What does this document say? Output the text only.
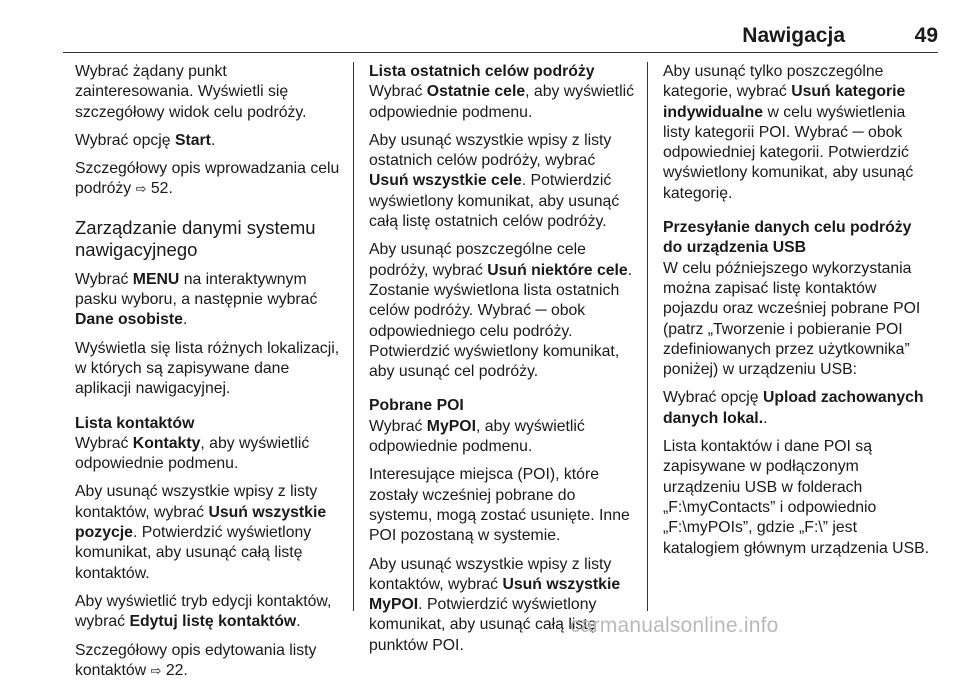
Nawigacja	49

Wybrać żądany punkt zainteresowania. Wyświetli się szczegółowy widok celu podróży.

Wybrać opcję Start.

Szczegółowy opis wprowadzania celu podróży ⇨ 52.

Zarządzanie danymi systemu nawigacyjnego

Wybrać MENU na interaktywnym pasku wyboru, a następnie wybrać Dane osobiste.

Wyświetla się lista różnych lokalizacji, w których są zapisywane dane aplikacji nawigacyjnej.

Lista kontaktów

Wybrać Kontakty, aby wyświetlić odpowiednie podmenu.

Aby usunąć wszystkie wpisy z listy kontaktów, wybrać Usuń wszystkie pozycje. Potwierdzić wyświetlony komunikat, aby usunąć całą listę kontaktów.

Aby wyświetlić tryb edycji kontaktów, wybrać Edytuj listę kontaktów.

Szczegółowy opis edytowania listy kontaktów ⇨ 22.

Lista ostatnich celów podróży

Wybrać Ostatnie cele, aby wyświetlić odpowiednie podmenu.

Aby usunąć wszystkie wpisy z listy ostatnich celów podróży, wybrać Usuń wszystkie cele. Potwierdzić wyświetlony komunikat, aby usunąć całą listę ostatnich celów podróży.

Aby usunąć poszczególne cele podróży, wybrać Usuń niektóre cele. Zostanie wyświetlona lista ostatnich celów podróży. Wybrać ─ obok odpowiedniego celu podróży. Potwierdzić wyświetlony komunikat, aby usunąć cel podróży.

Pobrane POI

Wybrać MyPOI, aby wyświetlić odpowiednie podmenu.

Interesujące miejsca (POI), które zostały wcześniej pobrane do systemu, mogą zostać usunięte. Inne POI pozostaną w systemie.

Aby usunąć wszystkie wpisy z listy kontaktów, wybrać Usuń wszystkie MyPOI. Potwierdzić wyświetlony komunikat, aby usunąć całą listę punktów POI.

Aby usunąć tylko poszczególne kategorie, wybrać Usuń kategorie indywidualne w celu wyświetlenia listy kategorii POI. Wybrać ─ obok odpowiedniej kategorii. Potwierdzić wyświetlony komunikat, aby usunąć kategorię.

Przesyłanie danych celu podróży do urządzenia USB

W celu późniejszego wykorzystania można zapisać listę kontaktów pojazdu oraz wcześniej pobrane POI (patrz „Tworzenie i pobieranie POI zdefiniowanych przez użytkownika” poniżej) w urządzeniu USB:

Wybrać opcję Upload zachowanych danych lokal..

Lista kontaktów i dane POI są zapisywane w podłączonym urządzeniu USB w folderach „F:\myContacts” i odpowiednio „F:\myPOIs”, gdzie „F:\” jest katalogiem głównym urządzenia USB.

carmanualsonline.info
